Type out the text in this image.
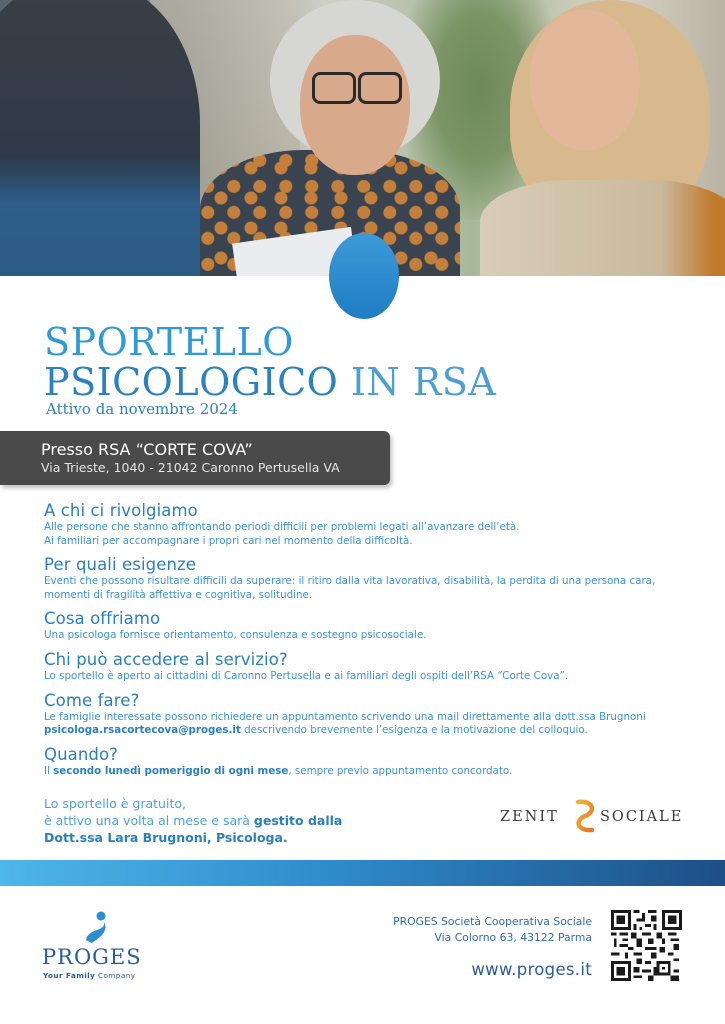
SPORTELLO
PSICOLOGICO IN RSA
Attivo da novembre 2024
Presso RSA “CORTE COVA”
Via Trieste, 1040 - 21042 Caronno Pertusella VA
A chi ci rivolgiamo

Alle persone che stanno affrontando periodi difficili per problemi legati all’avanzare dell’età.

Ai familiari per accompagnare i propri cari nel momento della difficoltà.

Per quali esigenze

Eventi che possono risultare difficili da superare: il ritiro dalla vita lavorativa, disabilità, la perdita di una persona cara,

momenti di fragilità affettiva e cognitiva, solitudine.

Cosa offriamo

Una psicologa fornisce orientamento, consulenza e sostegno psicosociale.

Chi può accedere al servizio?

Lo sportello è aperto ai cittadini di Caronno Pertusella e ai familiari degli ospiti dell’RSA “Corte Cova”.

Come fare?

Le famiglie interessate possono richiedere un appuntamento scrivendo una mail direttamente alla dott.ssa Brugnoni

psicologa.rsacortecova@proges.it descrivendo brevemente l’esigenza e la motivazione del colloquio.

Quando?

Il secondo lunedì pomeriggio di ogni mese, sempre previo appuntamento concordato.

Lo sportello è gratuito,
è attivo una volta al mese e sarà gestito dalla
Dott.ssa Lara Brugnoni, Psicologa.
ZENIT	SOCIALE
PROGES
Your Family Company
PROGES Società Cooperativa Sociale
Via Colorno 63, 43122 Parma
www.proges.it
